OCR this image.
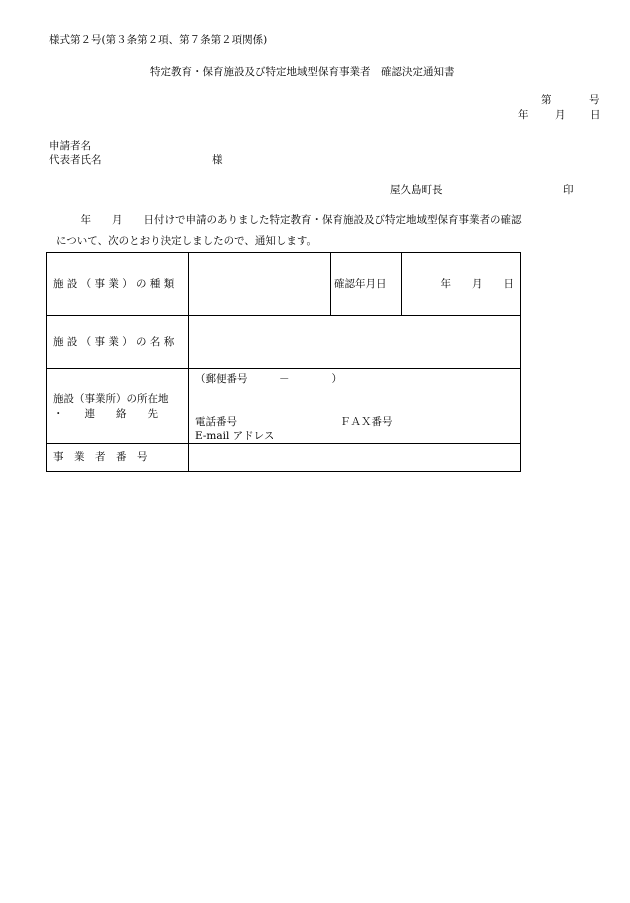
様式第２号(第３条第２項、第７条第２項関係)
特定教育・保育施設及び特定地域型保育事業者　確認決定通知書
第	号
年	月 日
申請者名
代表者氏名	様
屋久島町長	印
　　　年　　月　　日付けで申請のありました特定教育・保育施設及び特定地域型保育事業者の確認
について、次のとおり決定しましたので、通知します。
施 設 （ 事 業 ） の 種 類		確認年月日	年　　月　　日
施 設 （ 事 業 ） の 名 称			

施設（事業所）の所在地
・　　連　　絡　　先	（郵便番号　　　－　　　　）
電話番号 ＦＡＸ番号
E-mail アドレス		

事　業　者　番　号			
